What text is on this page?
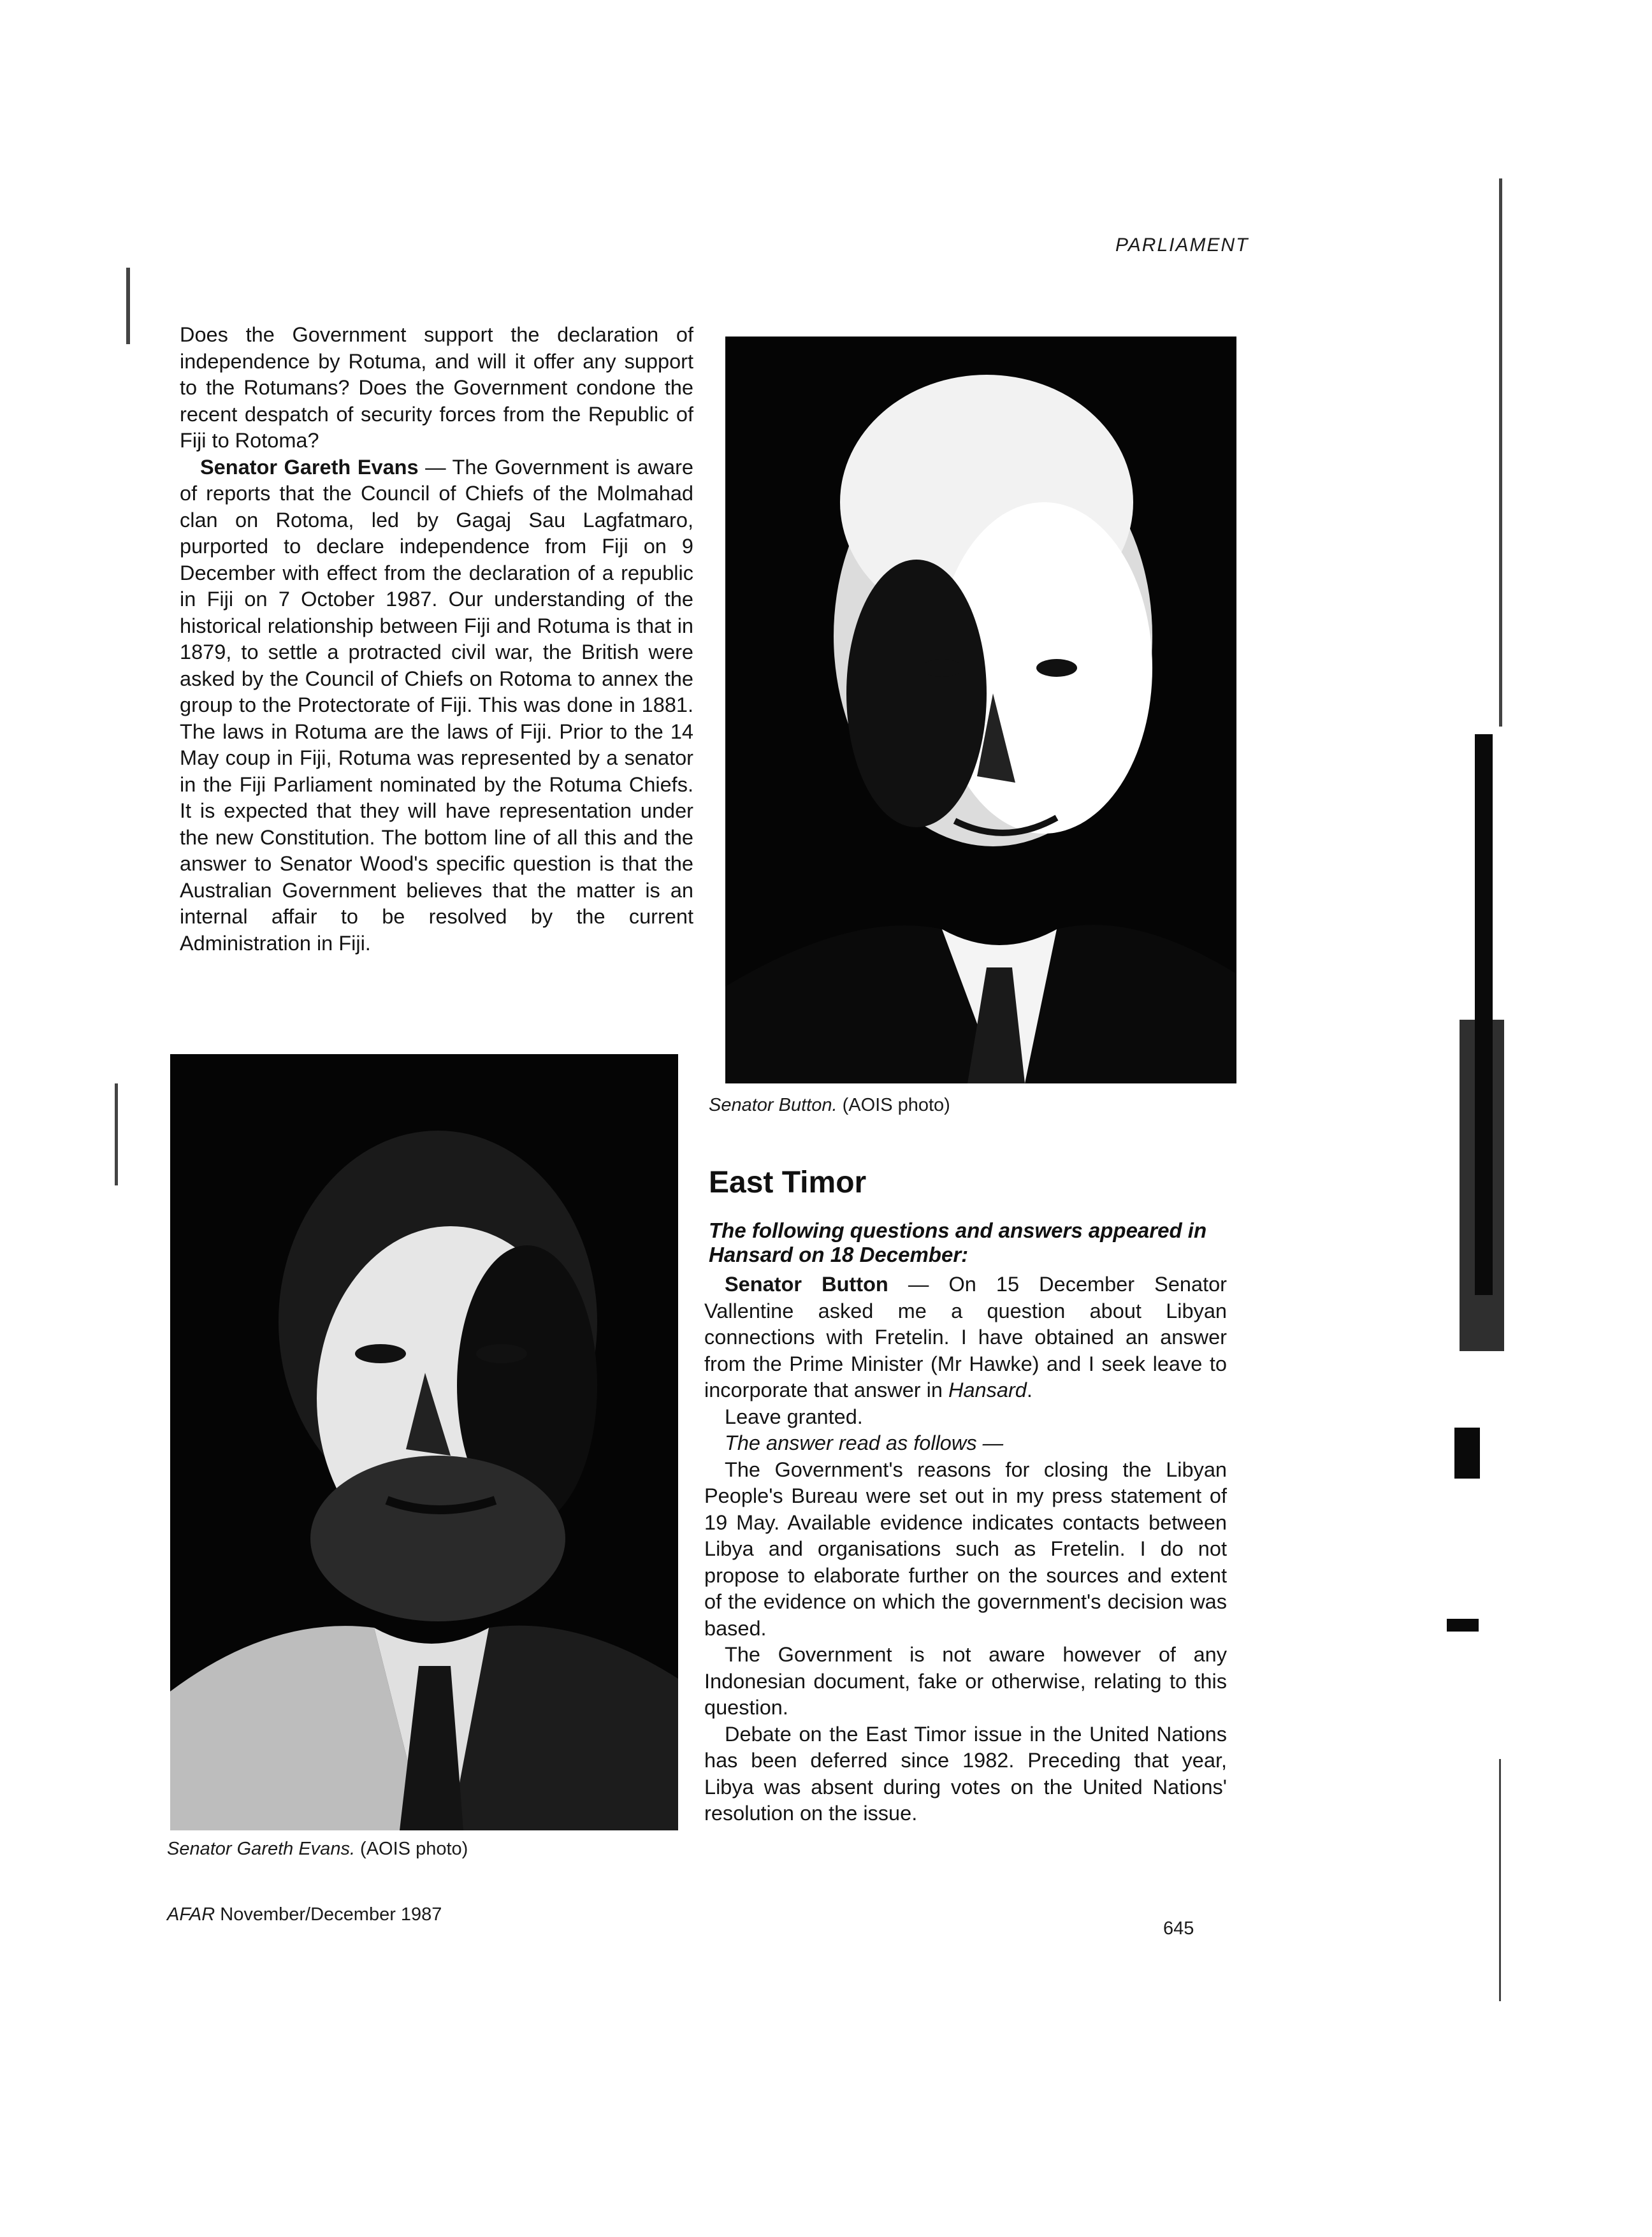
PARLIAMENT

Does the Government support the declaration of independence by Rotuma, and will it offer any support to the Rotumans? Does the Government condone the recent despatch of security forces from the Republic of Fiji to Rotoma?

Senator Gareth Evans — The Government is aware of reports that the Council of Chiefs of the Molmahad clan on Rotoma, led by Gagaj Sau Lagfatmaro, purported to declare independence from Fiji on 9 December with effect from the declaration of a republic in Fiji on 7 October 1987. Our understanding of the historical relationship between Fiji and Rotuma is that in 1879, to settle a protracted civil war, the British were asked by the Council of Chiefs on Rotoma to annex the group to the Protectorate of Fiji. This was done in 1881. The laws in Rotuma are the laws of Fiji. Prior to the 14 May coup in Fiji, Rotuma was represented by a senator in the Fiji Parliament nominated by the Rotuma Chiefs. It is expected that they will have representation under the new Constitution. The bottom line of all this and the answer to Senator Wood's specific question is that the Australian Government believes that the matter is an internal affair to be resolved by the current Administration in Fiji.

Senator Button. (AOIS photo)
East Timor
The following questions and answers appeared in Hansard on 18 December:

Senator Button — On 15 December Senator Vallentine asked me a question about Libyan connections with Fretelin. I have obtained an answer from the Prime Minister (Mr Hawke) and I seek leave to incorporate that answer in Hansard.

Leave granted.

The answer read as follows —

The Government's reasons for closing the Libyan People's Bureau were set out in my press statement of 19 May. Available evidence indicates contacts between Libya and organisations such as Fretelin. I do not propose to elaborate further on the sources and extent of the evidence on which the government's decision was based.

The Government is not aware however of any Indonesian document, fake or otherwise, relating to this question.

Debate on the East Timor issue in the United Nations has been deferred since 1982. Preceding that year, Libya was absent during votes on the United Nations' resolution on the issue.

Senator Gareth Evans. (AOIS photo)
AFAR November/December 1987
645
